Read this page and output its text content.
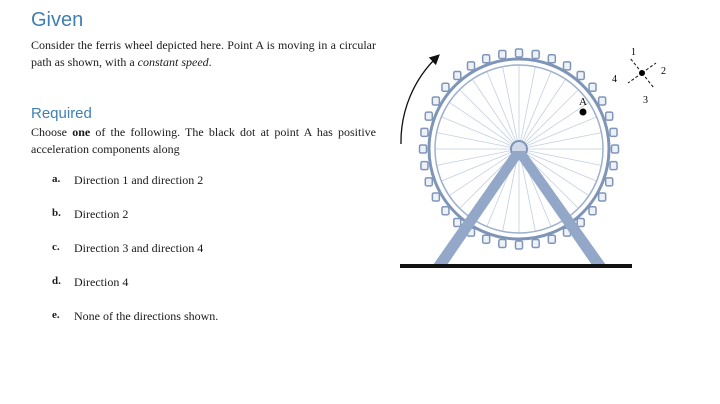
Given
Consider the ferris wheel depicted here. Point A is moving in a circular path as shown, with a constant speed.
Required
Choose one of the following. The black dot at point A has positive acceleration components along
a.	Direction 1 and direction 2
b.	Direction 2
c.	Direction 3 and direction 4
d.	Direction 4
e.	None of the directions shown.
A
1
2
3
4
